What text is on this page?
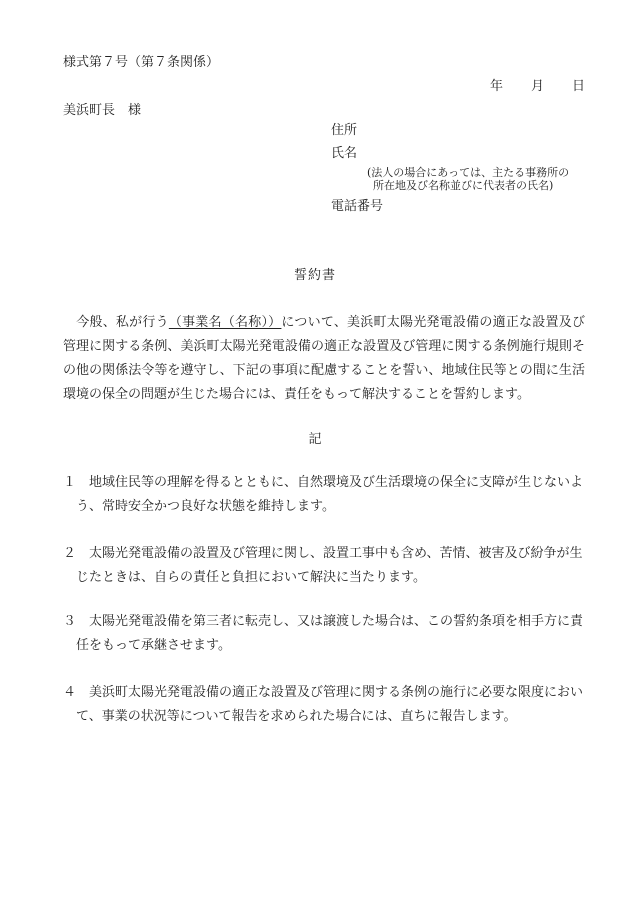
様式第７号（第７条関係）
年 月 日
美浜町長　様
住所
氏名
(法人の場合にあっては、主たる事務所の
所在地及び名称並びに代表者の氏名)
電話番号
誓約書
今般、私が行う（事業名（名称））について、美浜町太陽光発電設備の適正な設置及び管理に関する条例、美浜町太陽光発電設備の適正な設置及び管理に関する条例施行規則その他の関係法令等を遵守し、下記の事項に配慮することを誓い、地域住民等との間に生活環境の保全の問題が生じた場合には、責任をもって解決することを誓約します。
記
１ 地域住民等の理解を得るとともに、自然環境及び生活環境の保全に支障が生じないよう、常時安全かつ良好な状態を維持します。
２ 太陽光発電設備の設置及び管理に関し、設置工事中も含め、苦情、被害及び紛争が生じたときは、自らの責任と負担において解決に当たります。
３ 太陽光発電設備を第三者に転売し、又は譲渡した場合は、この誓約条項を相手方に責任をもって承継させます。
４ 美浜町太陽光発電設備の適正な設置及び管理に関する条例の施行に必要な限度において、事業の状況等について報告を求められた場合には、直ちに報告します。
